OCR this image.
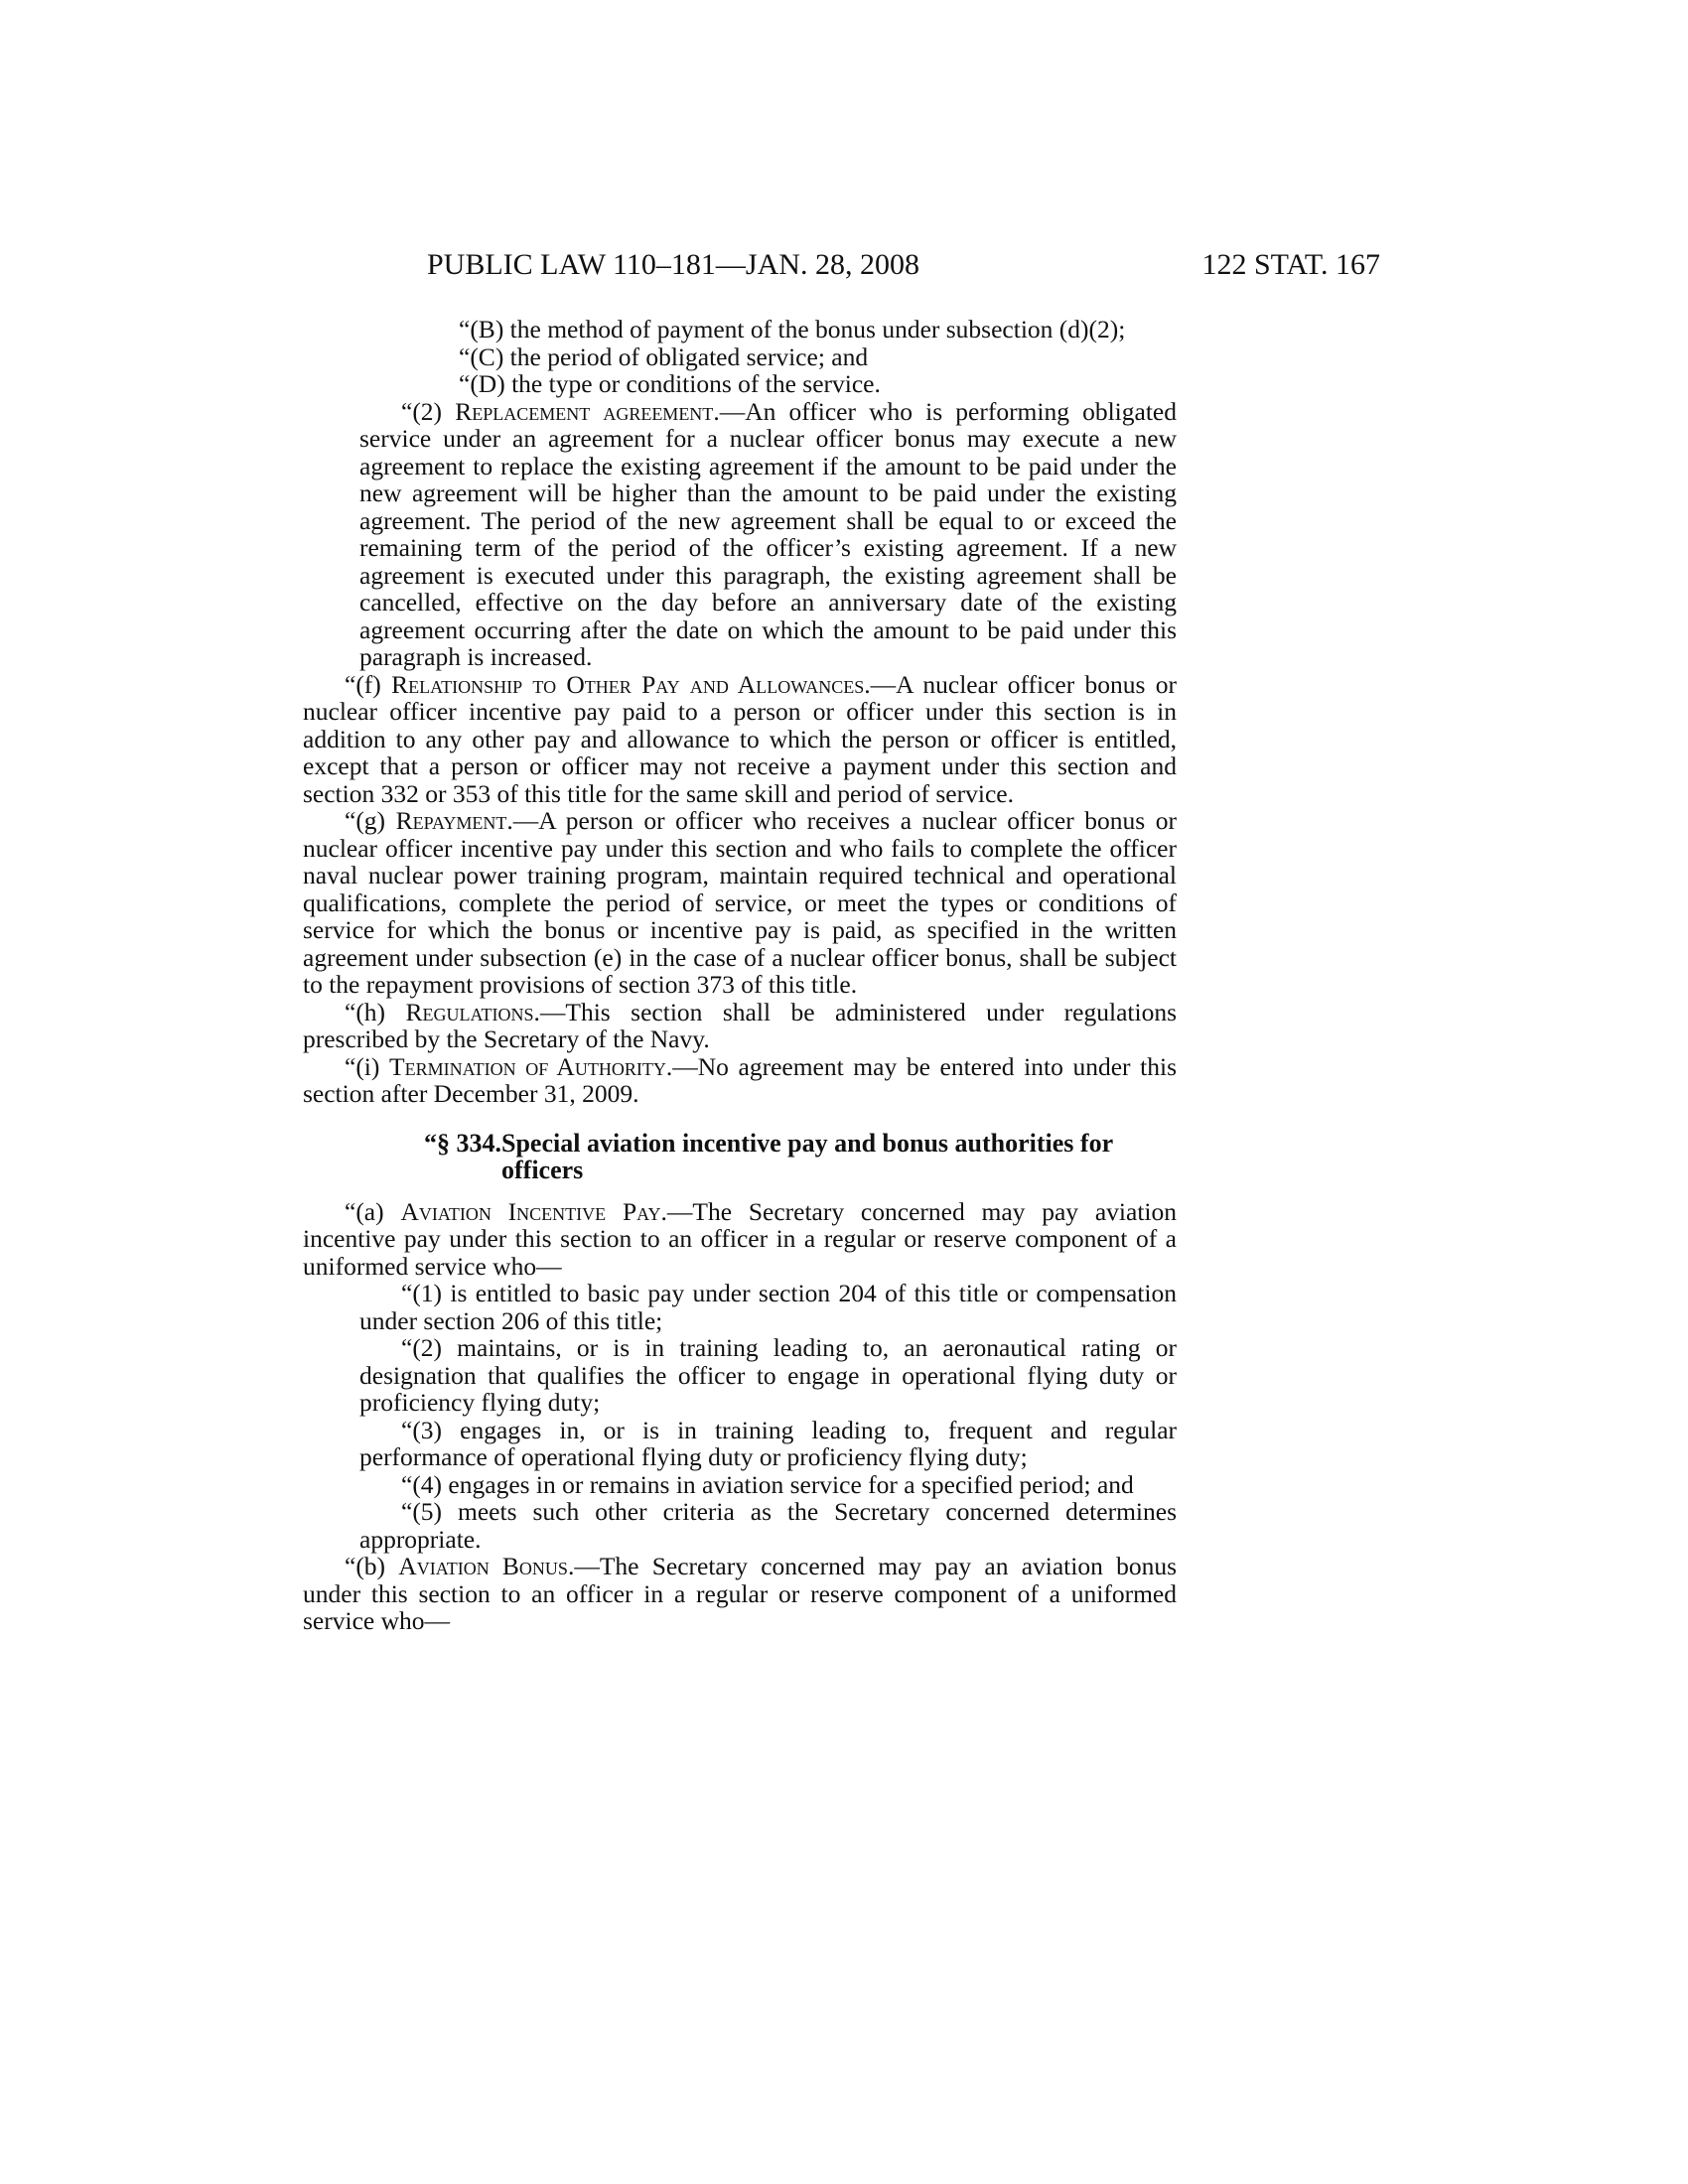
PUBLIC LAW 110–181—JAN. 28, 2008	122 STAT. 167

“(B) the method of payment of the bonus under subsection (d)(2);

“(C) the period of obligated service; and

“(D) the type or conditions of the service.

“(2) Replacement agreement.—An officer who is performing obligated service under an agreement for a nuclear officer bonus may execute a new agreement to replace the existing agreement if the amount to be paid under the new agreement will be higher than the amount to be paid under the existing agreement. The period of the new agreement shall be equal to or exceed the remaining term of the period of the officer’s existing agreement. If a new agreement is executed under this paragraph, the existing agreement shall be cancelled, effective on the day before an anniversary date of the existing agreement occurring after the date on which the amount to be paid under this paragraph is increased.

“(f) Relationship to Other Pay and Allowances.—A nuclear officer bonus or nuclear officer incentive pay paid to a person or officer under this section is in addition to any other pay and allowance to which the person or officer is entitled, except that a person or officer may not receive a payment under this section and section 332 or 353 of this title for the same skill and period of service.

“(g) Repayment.—A person or officer who receives a nuclear officer bonus or nuclear officer incentive pay under this section and who fails to complete the officer naval nuclear power training program, maintain required technical and operational qualifications, complete the period of service, or meet the types or conditions of service for which the bonus or incentive pay is paid, as specified in the written agreement under subsection (e) in the case of a nuclear officer bonus, shall be subject to the repayment provisions of section 373 of this title.

“(h) Regulations.—This section shall be administered under regulations prescribed by the Secretary of the Navy.

“(i) Termination of Authority.—No agreement may be entered into under this section after December 31, 2009.

“§ 334.Special aviation incentive pay and bonus authorities for officers

“(a) Aviation Incentive Pay.—The Secretary concerned may pay aviation incentive pay under this section to an officer in a regular or reserve component of a uniformed service who—

“(1) is entitled to basic pay under section 204 of this title or compensation under section 206 of this title;

“(2) maintains, or is in training leading to, an aeronautical rating or designation that qualifies the officer to engage in operational flying duty or proficiency flying duty;

“(3) engages in, or is in training leading to, frequent and regular performance of operational flying duty or proficiency flying duty;

“(4) engages in or remains in aviation service for a specified period; and

“(5) meets such other criteria as the Secretary concerned determines appropriate.

“(b) Aviation Bonus.—The Secretary concerned may pay an aviation bonus under this section to an officer in a regular or reserve component of a uniformed service who—
